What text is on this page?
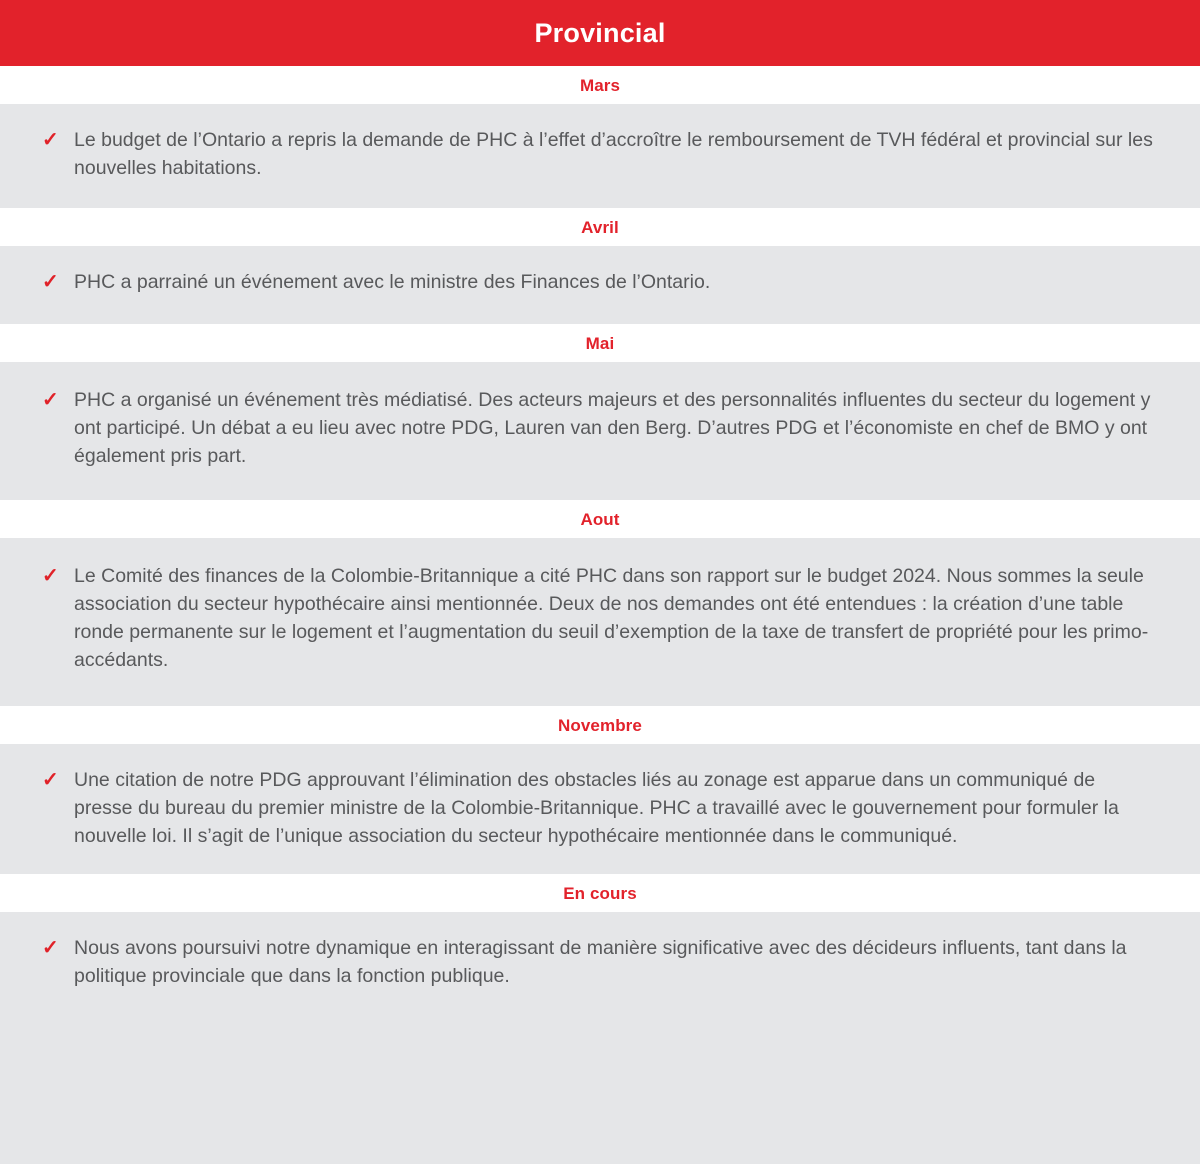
Provincial
Mars
✓ Le budget de l’Ontario a repris la demande de PHC à l’effet d’accroître le remboursement de TVH fédéral et provincial sur les nouvelles habitations.
Avril
✓ PHC a parrainé un événement avec le ministre des Finances de l’Ontario.
Mai
✓ PHC a organisé un événement très médiatisé. Des acteurs majeurs et des personnalités influentes du secteur du logement y ont participé. Un débat a eu lieu avec notre PDG, Lauren van den Berg. D’autres PDG et l’économiste en chef de BMO y ont également pris part.
Aout
✓ Le Comité des finances de la Colombie-Britannique a cité PHC dans son rapport sur le budget 2024. Nous sommes la seule association du secteur hypothécaire ainsi mentionnée. Deux de nos demandes ont été entendues : la création d’une table ronde permanente sur le logement et l’augmentation du seuil d’exemption de la taxe de transfert de propriété pour les primo-accédants.
Novembre
✓ Une citation de notre PDG approuvant l’élimination des obstacles liés au zonage est apparue dans un communiqué de presse du bureau du premier ministre de la Colombie-Britannique. PHC a travaillé avec le gouvernement pour formuler la nouvelle loi. Il s’agit de l’unique association du secteur hypothécaire mentionnée dans le communiqué.
En cours
✓ Nous avons poursuivi notre dynamique en interagissant de manière significative avec des décideurs influents, tant dans la politique provinciale que dans la fonction publique.
